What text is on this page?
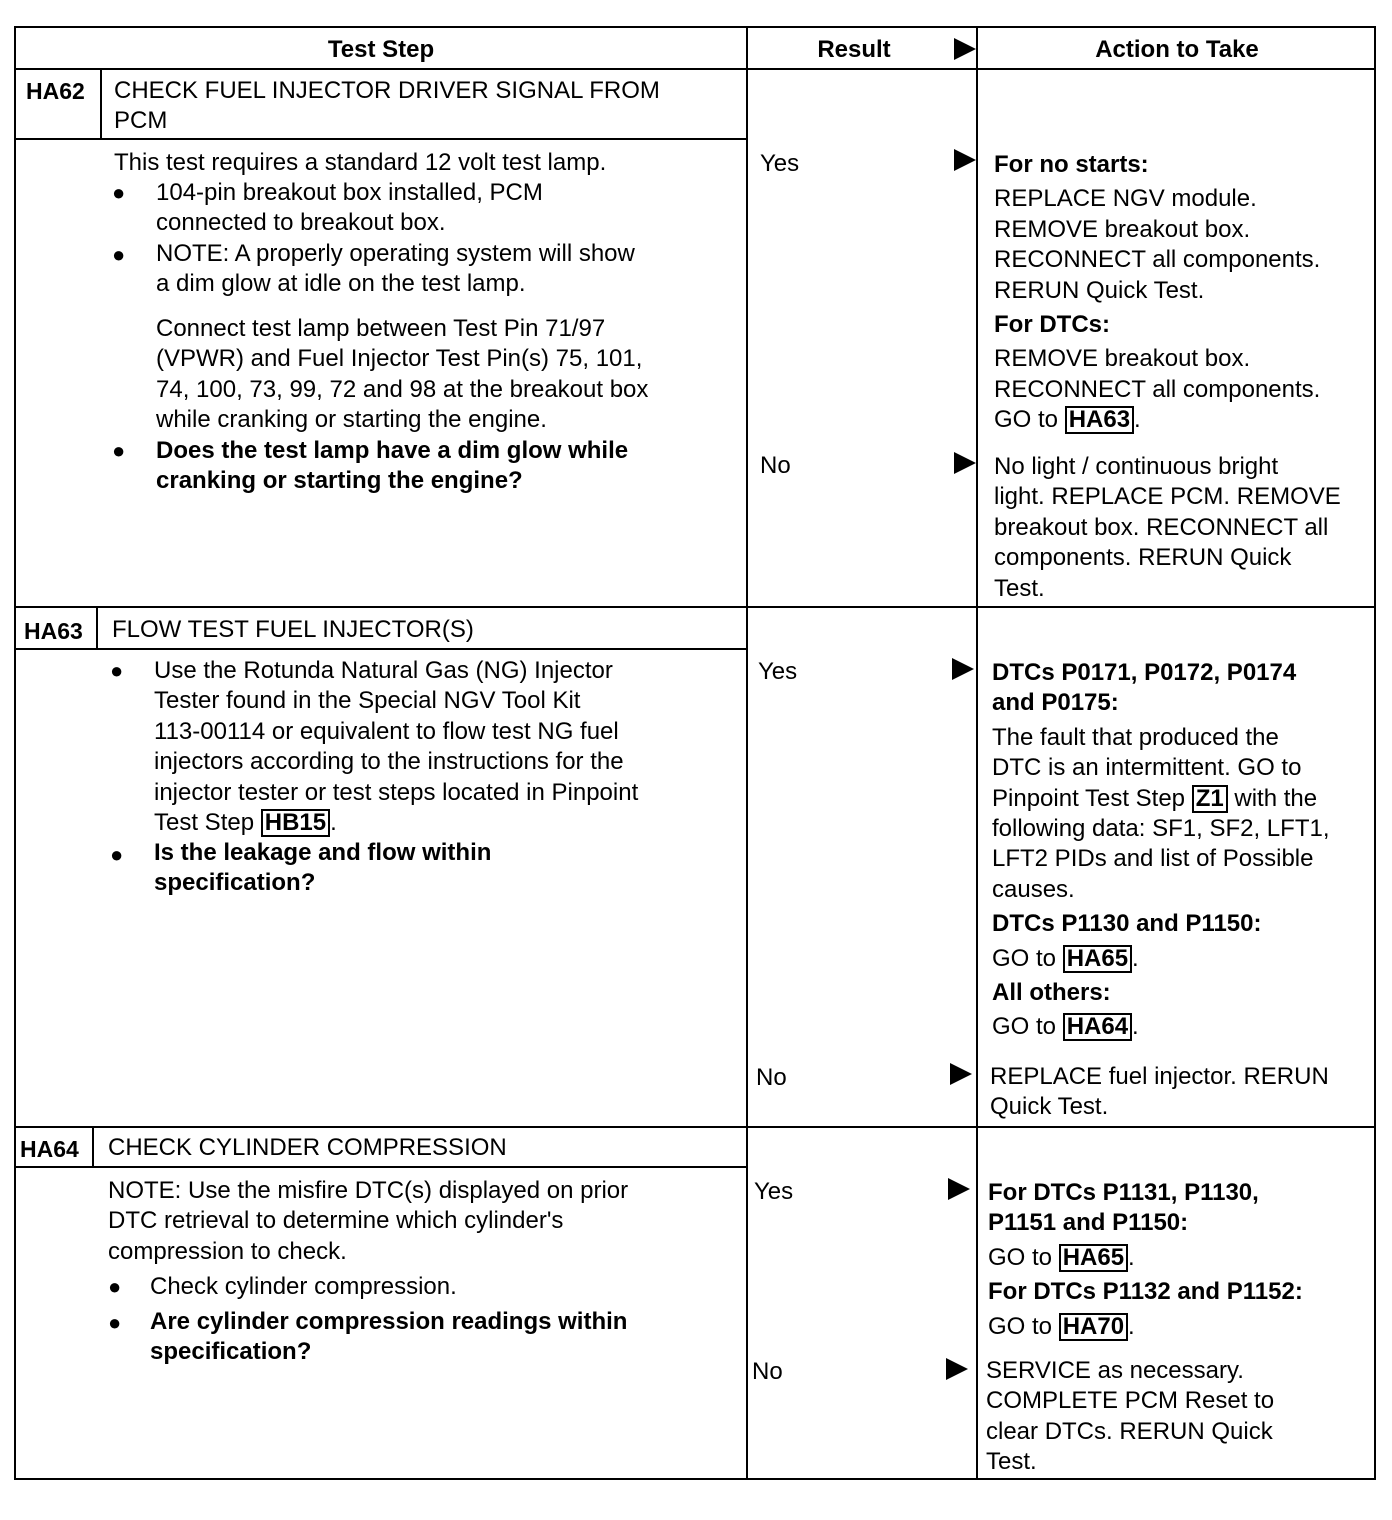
Test Step	Result	Action to Take
HA62 CHECK FUEL INJECTOR DRIVER SIGNAL FROM
PCM
This test requires a standard 12 volt test lamp.
● 104-pin breakout box installed, PCM
connected to breakout box.
● NOTE: A properly operating system will show
a dim glow at idle on the test lamp.
Connect test lamp between Test Pin 71/97
(VPWR) and Fuel Injector Test Pin(s) 75, 101,
74, 100, 73, 99, 72 and 98 at the breakout box
while cranking or starting the engine.
● Does the test lamp have a dim glow while
cranking or starting the engine?
Yes
No
For no starts:
REPLACE NGV module.
REMOVE breakout box.
RECONNECT all components.
RERUN Quick Test.
For DTCs:
REMOVE breakout box.
RECONNECT all components.
GO to HA63 .
No light / continuous bright
light. REPLACE PCM. REMOVE
breakout box. RECONNECT all
components. RERUN Quick
Test.
HA63 FLOW TEST FUEL INJECTOR(S)
● Use the Rotunda Natural Gas (NG) Injector
Tester found in the Special NGV Tool Kit
113-00114 or equivalent to flow test NG fuel
injectors according to the instructions for the
injector tester or test steps located in Pinpoint
Test Step HB15 .
● Is the leakage and flow within
specification?
Yes
No
DTCs P0171, P0172, P0174
and P0175:
The fault that produced the
DTC is an intermittent. GO to
Pinpoint Test Step Z1 with the
following data: SF1, SF2, LFT1,
LFT2 PIDs and list of Possible
causes.
DTCs P1130 and P1150:
GO to HA65 .
All others:
GO to HA64 .
REPLACE fuel injector. RERUN
Quick Test.
HA64 CHECK CYLINDER COMPRESSION
NOTE: Use the misfire DTC(s) displayed on prior
DTC retrieval to determine which cylinder's
compression to check.
● Check cylinder compression.
● Are cylinder compression readings within
specification?
Yes
No
For DTCs P1131, P1130,
P1151 and P1150:
GO to HA65 .
For DTCs P1132 and P1152:
GO to HA70 .
SERVICE as necessary.
COMPLETE PCM Reset to
clear DTCs. RERUN Quick
Test.
